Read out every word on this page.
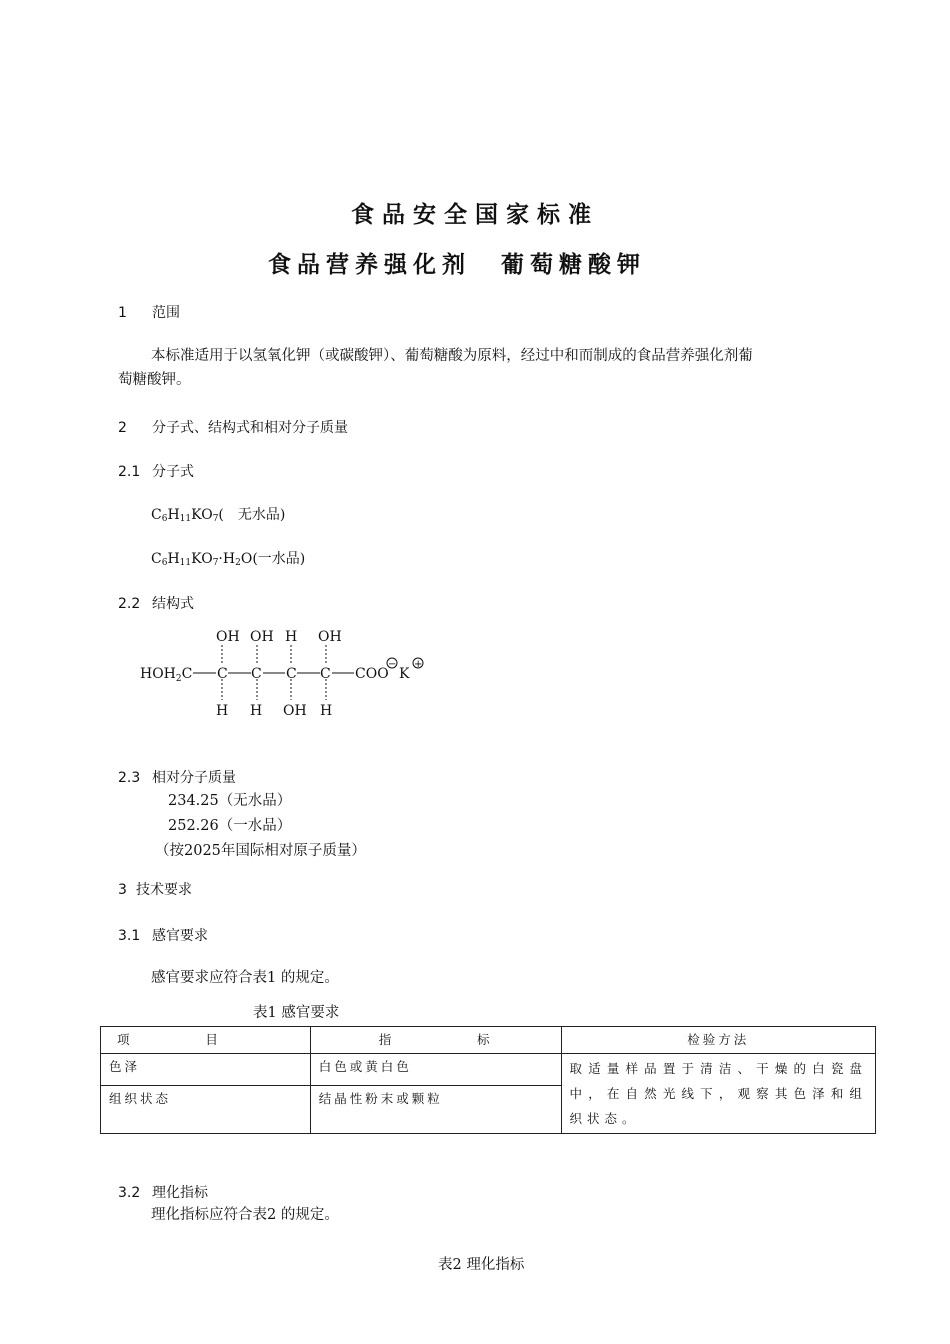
食品安全国家标准
食品营养强化剂 葡萄糖酸钾
1 范围
本标准适用于以氢氧化钾（或碳酸钾）、葡萄糖酸为原料，经过中和而制成的食品营养强化剂葡
萄糖酸钾。
2 分子式、结构式和相对分子质量
2.1 分子式
$C_6H_{11}KO_7$(　无水品)
$C_6H_{11}KO_7\cdot H_2O$(一水品)
2.2 结构式
OH OH H OH
$HOH_2C$ C C C C COO
−
K
+
H H OH H
2.3 相对分子质量
234.25（无水品）
252.26（一水品）
（按2025年国际相对原子质量）
3 技术要求
3.1 感官要求
感官要求应符合表1 的规定。
表1 感官要求
项 目	指 标	检验方法
色泽	白色或黄白色	取适量样品置于清洁、干燥的白瓷盘中，在自然光线下，观察其色泽和组织状态。
组织状态	结晶性粉末或颗粒	
3.2 理化指标
理化指标应符合表2 的规定。
表2 理化指标
